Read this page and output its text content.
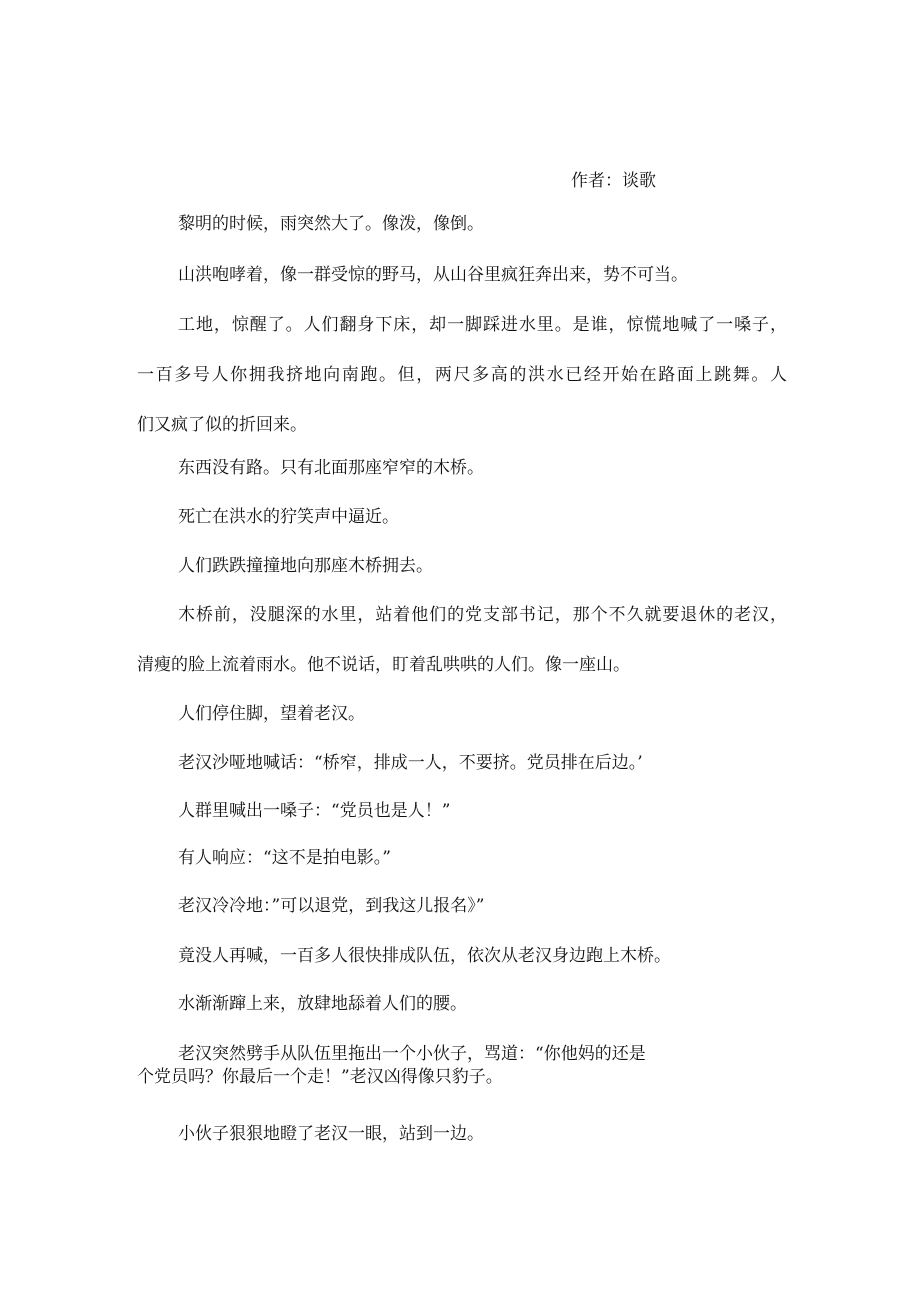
作者：谈歌
黎明的时候，雨突然大了。像泼，像倒。
山洪咆哮着，像一群受惊的野马，从山谷里疯狂奔出来，势不可当。
工地，惊醒了。人们翻身下床，却一脚踩进水里。是谁，惊慌地喊了一嗓子，
一百多号人你拥我挤地向南跑。但，两尺多高的洪水已经开始在路面上跳舞。人
们又疯了似的折回来。
东西没有路。只有北面那座窄窄的木桥。
死亡在洪水的狞笑声中逼近。
人们跌跌撞撞地向那座木桥拥去。
木桥前，没腿深的水里，站着他们的党支部书记，那个不久就要退休的老汉，
清瘦的脸上流着雨水。他不说话，盯着乱哄哄的人们。像一座山。
人们停住脚，望着老汉。
老汉沙哑地喊话：“桥窄，排成一人，不要挤。党员排在后边。’
人群里喊出一嗓子：“党员也是人！”
有人响应：“这不是拍电影。”
老汉冷冷地：”可以退党，到我这儿报名》”
竟没人再喊，一百多人很快排成队伍，依次从老汉身边跑上木桥。
水渐渐蹿上来，放肆地舔着人们的腰。
老汉突然劈手从队伍里拖出一个小伙子，骂道：“你他妈的还是
个党员吗？你最后一个走！”老汉凶得像只豹子。
小伙子狠狠地瞪了老汉一眼，站到一边。
